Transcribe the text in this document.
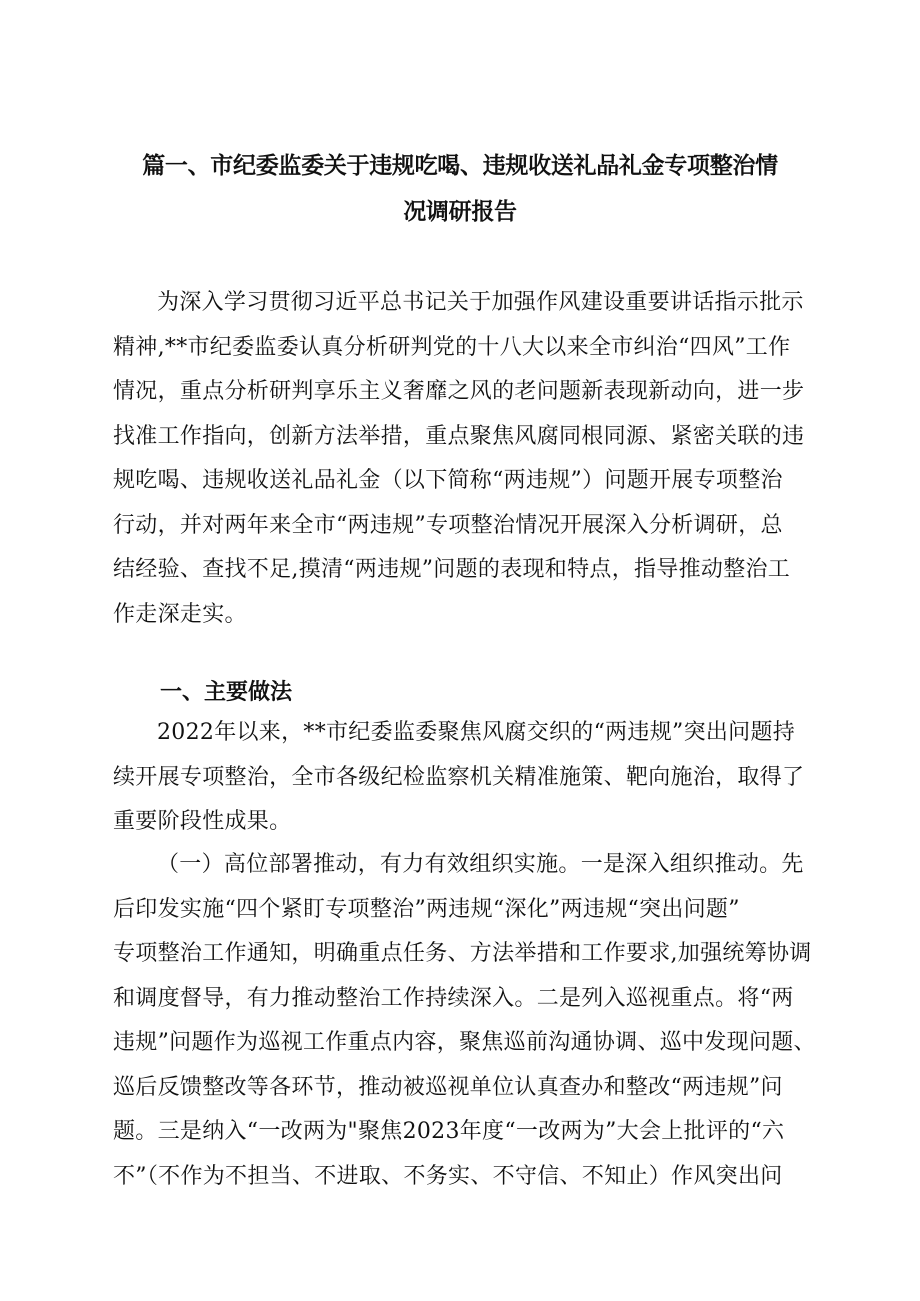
篇一、市纪委监委关于违规吃喝、违规收送礼品礼金专项整治情
况调研报告
为深入学习贯彻习近平总书记关于加强作风建设重要讲话指示批示
精神,**市纪委监委认真分析研判党的十八大以来全市纠治“四风”工作
情况，重点分析研判享乐主义奢靡之风的老问题新表现新动向，进一步
找准工作指向，创新方法举措，重点聚焦风腐同根同源、紧密关联的违
规吃喝、违规收送礼品礼金（以下简称“两违规”）问题开展专项整治
行动，并对两年来全市“两违规”专项整治情况开展深入分析调研，总
结经验、查找不足,摸清“两违规”问题的表现和特点，指导推动整治工
作走深走实。
一、主要做法
2022年以来，**市纪委监委聚焦风腐交织的“两违规”突出问题持
续开展专项整治，全市各级纪检监察机关精准施策、靶向施治，取得了
重要阶段性成果。
（一）高位部署推动，有力有效组织实施。一是深入组织推动。先
后印发实施“四个紧盯专项整治”两违规“深化”两违规“突出问题”
专项整治工作通知，明确重点任务、方法举措和工作要求,加强统筹协调
和调度督导，有力推动整治工作持续深入。二是列入巡视重点。将“两
违规”问题作为巡视工作重点内容，聚焦巡前沟通协调、巡中发现问题、
巡后反馈整改等各环节，推动被巡视单位认真查办和整改“两违规”问
题。三是纳入“一改两为"聚焦2023年度“一改两为”大会上批评的“六
不”（不作为不担当、不进取、不务实、不守信、不知止）作风突出问
